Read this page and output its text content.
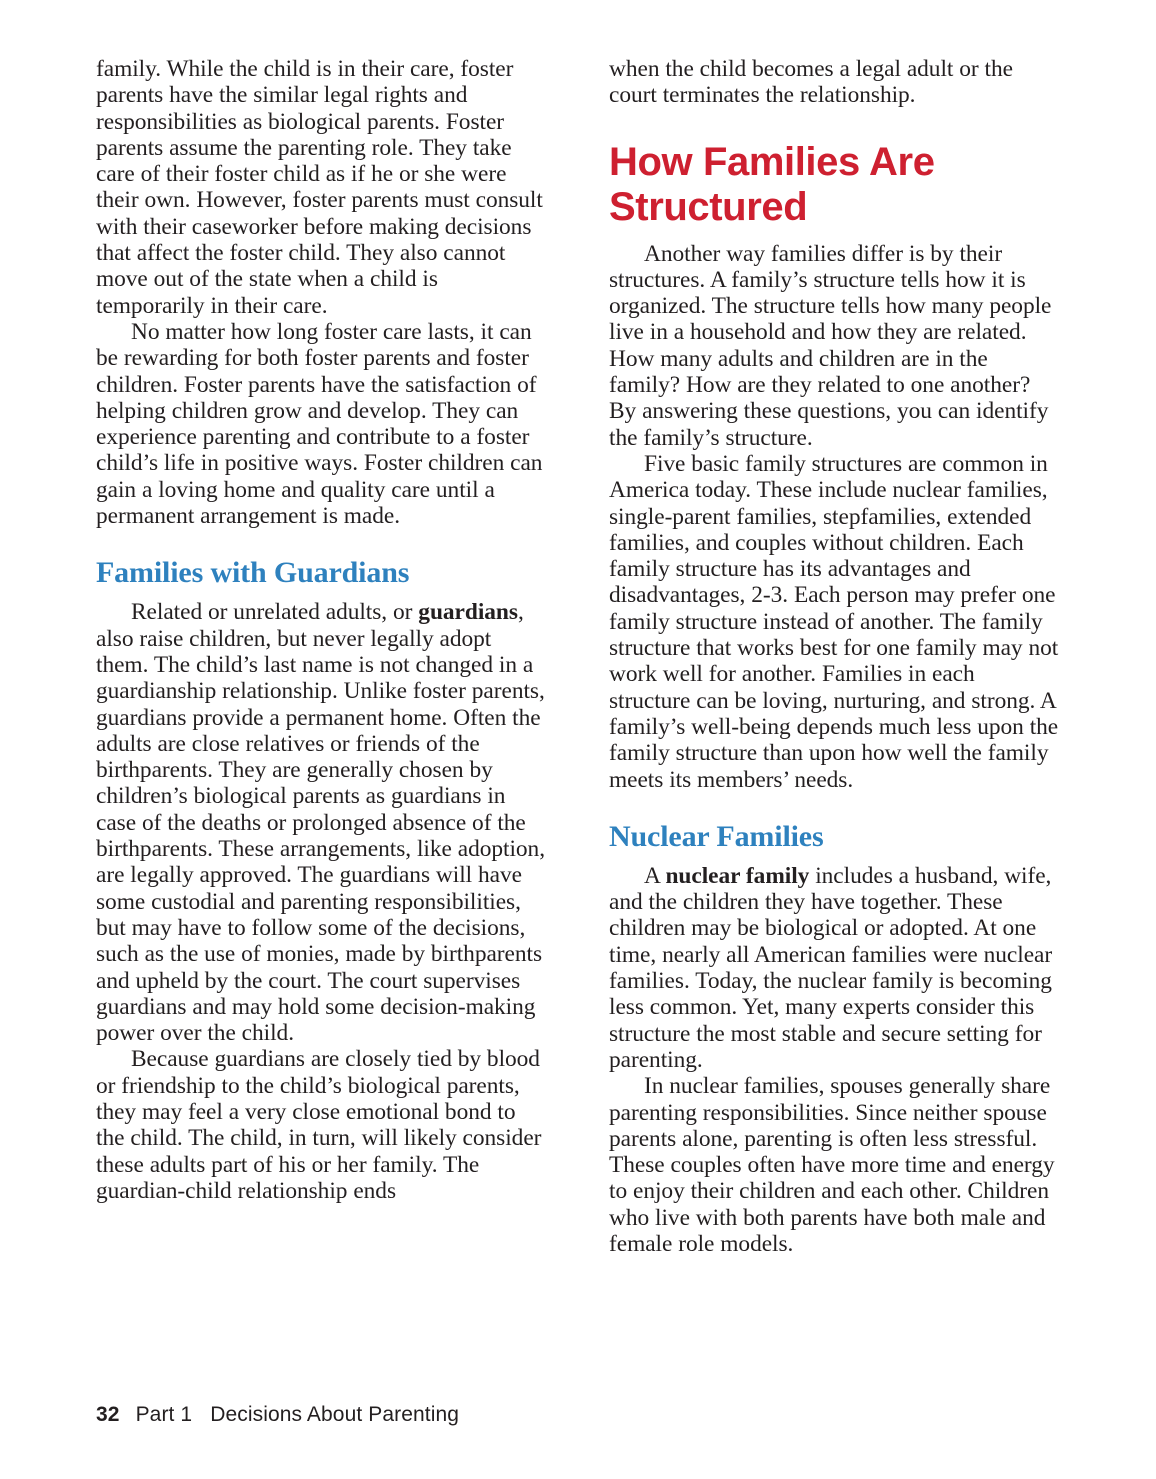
family. While the child is in their care, foster parents have the similar legal rights and responsibilities as biological parents. Foster parents assume the parenting role. They take care of their foster child as if he or she were their own. However, foster parents must consult with their caseworker before making decisions that affect the foster child. They also cannot move out of the state when a child is temporarily in their care.

No matter how long foster care lasts, it can be rewarding for both foster parents and foster children. Foster parents have the satisfaction of helping children grow and develop. They can experience parenting and contribute to a foster child’s life in positive ways. Foster children can gain a loving home and quality care until a permanent arrangement is made.

Families with Guardians

Related or unrelated adults, or guardians, also raise children, but never legally adopt them. The child’s last name is not changed in a guardianship relationship. Unlike foster parents, guardians provide a permanent home. Often the adults are close relatives or friends of the birthparents. They are generally chosen by children’s biological parents as guardians in case of the deaths or prolonged absence of the birthparents. These arrangements, like adoption, are legally approved. The guardians will have some custodial and parenting responsibilities, but may have to follow some of the decisions, such as the use of monies, made by birthparents and upheld by the court. The court supervises guardians and may hold some decision-making power over the child.

Because guardians are closely tied by blood or friendship to the child’s biological parents, they may feel a very close emotional bond to the child. The child, in turn, will likely consider these adults part of his or her family. The guardian-child relationship ends

when the child becomes a legal adult or the court terminates the relationship.

How Families Are Structured

Another way families differ is by their structures. A family’s structure tells how it is organized. The structure tells how many people live in a household and how they are related. How many adults and children are in the family? How are they related to one another? By answering these questions, you can identify the family’s structure.

Five basic family structures are common in America today. These include nuclear families, single-parent families, stepfamilies, extended families, and couples without children. Each family structure has its advantages and disadvantages, 2-3. Each person may prefer one family structure instead of another. The family structure that works best for one family may not work well for another. Families in each structure can be loving, nurturing, and strong. A family’s well-being depends much less upon the family structure than upon how well the family meets its members’ needs.

Nuclear Families

A nuclear family includes a husband, wife, and the children they have together. These children may be biological or adopted. At one time, nearly all American families were nuclear families. Today, the nuclear family is becoming less common. Yet, many experts consider this structure the most stable and secure setting for parenting.

In nuclear families, spouses generally share parenting responsibilities. Since neither spouse parents alone, parenting is often less stressful. These couples often have more time and energy to enjoy their children and each other. Children who live with both parents have both male and female role models.

32 Part 1 Decisions About Parenting
